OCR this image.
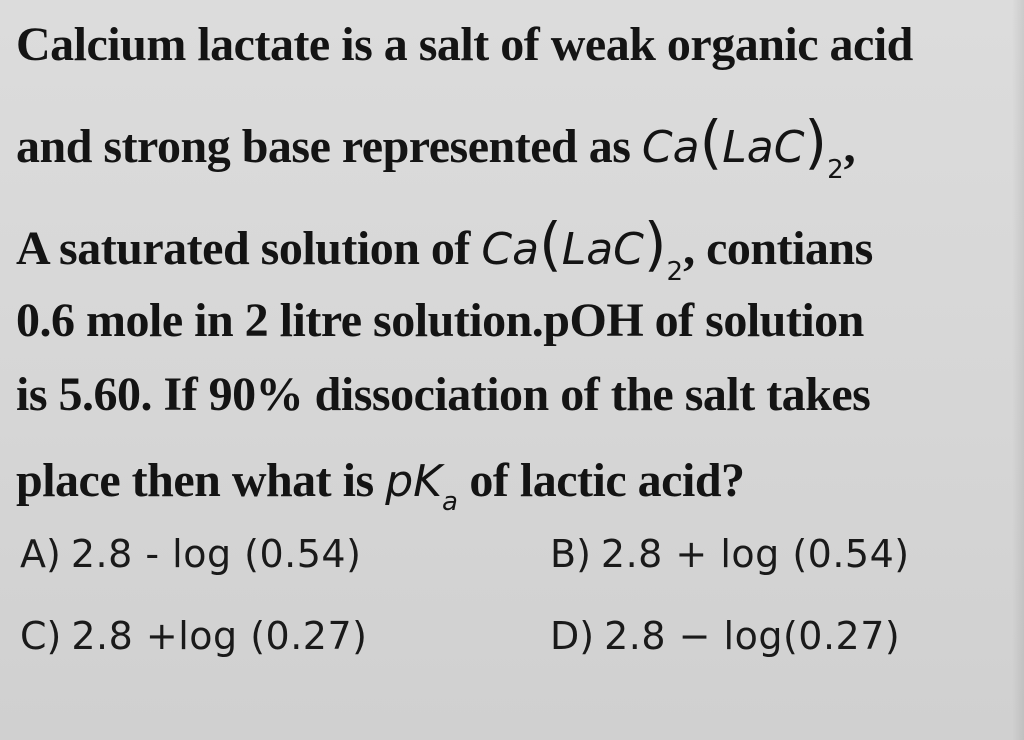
Calcium lactate is a salt of weak organic acid
and strong base represented as $Ca(LaC)_2$,
A saturated solution of $Ca(LaC)_2$, contians
0.6 mole in 2 litre solution.pOH of solution
is 5.60. If 90% dissociation of the salt takes
place then what is $pK_a$ of lactic acid?
A) 2.8 - log (0.54)	B) 2.8 + log (0.54)
C) 2.8 +log (0.27)	D) 2.8 − log(0.27)
